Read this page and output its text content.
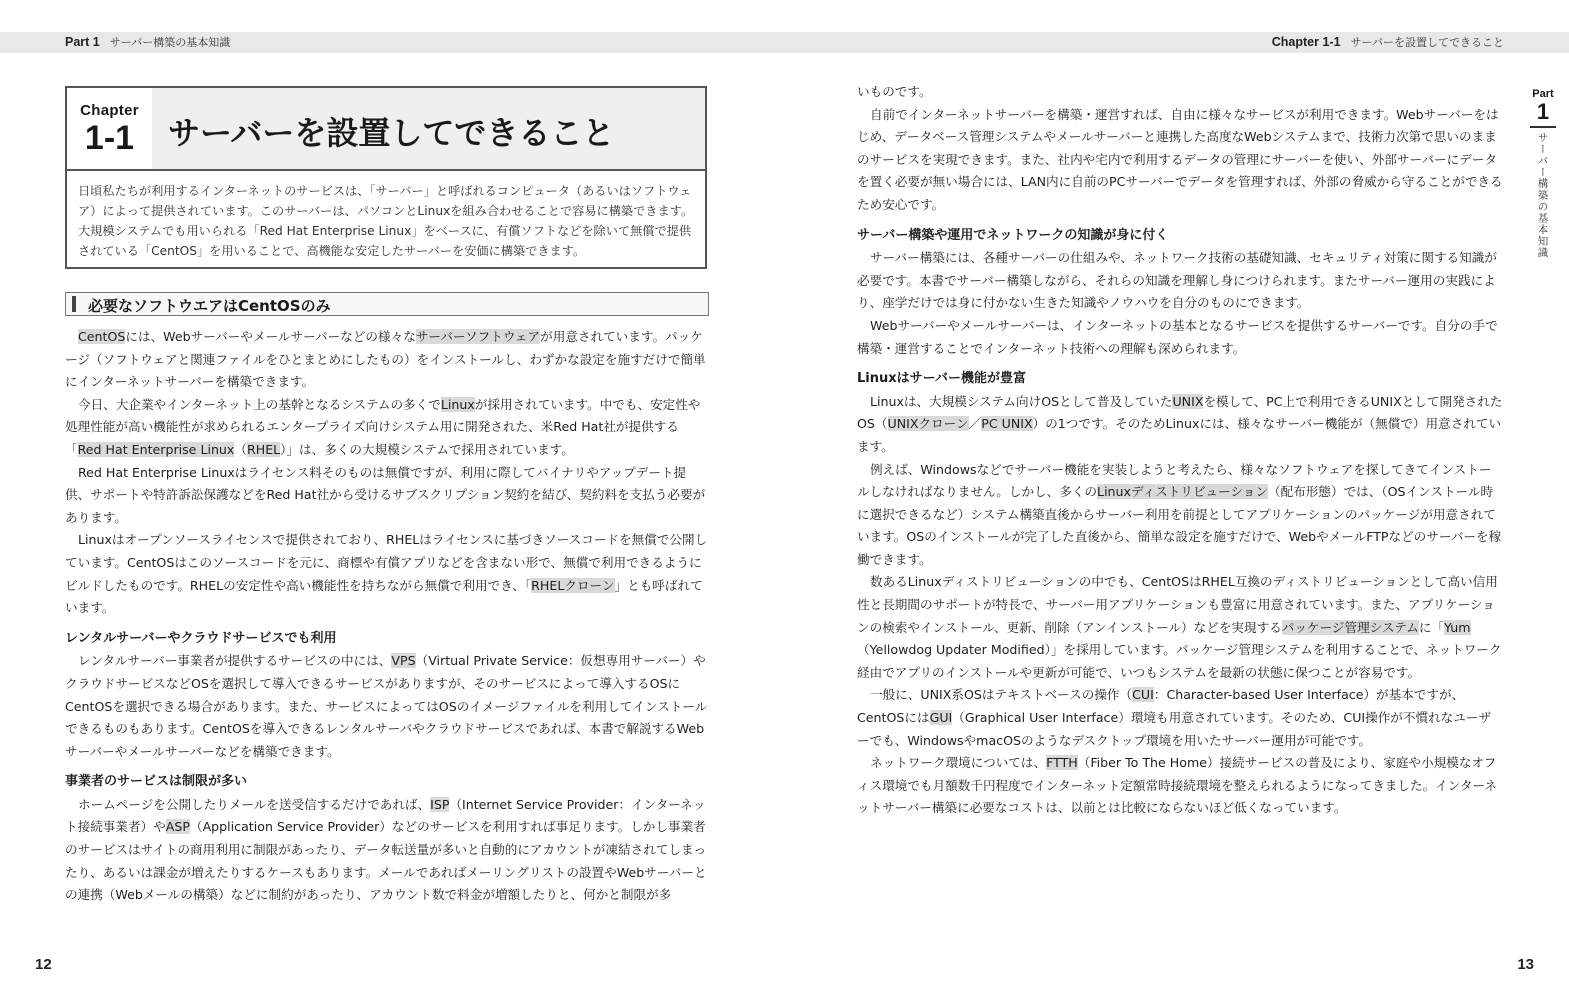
Part 1 サーバー構築の基本知識	Chapter 1-1 サーバーを設置してできること
Chapter
1-1	サーバーを設置してできること

日頃私たちが利用するインターネットのサービスは、「サーバー」と呼ばれるコンピュータ（あるいはソフトウェア）によって提供されています。このサーバーは、パソコンとLinuxを組み合わせることで容易に構築できます。大規模システムでも用いられる「Red Hat Enterprise Linux」をベースに、有償ソフトなどを除いて無償で提供されている「CentOS」を用いることで、高機能な安定したサーバーを安価に構築できます。

必要なソフトウエアはCentOSのみ

CentOSには、Webサーバーやメールサーバーなどの様々なサーバーソフトウェアが用意されています。パッケージ（ソフトウェアと関連ファイルをひとまとめにしたもの）をインストールし、わずかな設定を施すだけで簡単にインターネットサーバーを構築できます。

今日、大企業やインターネット上の基幹となるシステムの多くでLinuxが採用されています。中でも、安定性や処理性能が高い機能性が求められるエンタープライズ向けシステム用に開発された、米Red Hat社が提供する「Red Hat Enterprise Linux（RHEL）」は、多くの大規模システムで採用されています。

Red Hat Enterprise Linuxはライセンス料そのものは無償ですが、利用に際してバイナリやアップデート提供、サポートや特許訴訟保護などをRed Hat社から受けるサブスクリプション契約を結び、契約料を支払う必要があります。

Linuxはオープンソースライセンスで提供されており、RHELはライセンスに基づきソースコードを無償で公開しています。CentOSはこのソースコードを元に、商標や有償アプリなどを含まない形で、無償で利用できるようにビルドしたものです。RHELの安定性や高い機能性を持ちながら無償で利用でき、「RHELクローン」とも呼ばれています。

レンタルサーバーやクラウドサービスでも利用

レンタルサーバー事業者が提供するサービスの中には、VPS（Virtual Private Service：仮想専用サーバー）やクラウドサービスなどOSを選択して導入できるサービスがありますが、そのサービスによって導入するOSにCentOSを選択できる場合があります。また、サービスによってはOSのイメージファイルを利用してインストールできるものもあります。CentOSを導入できるレンタルサーバやクラウドサービスであれば、本書で解説するWebサーバーやメールサーバーなどを構築できます。

事業者のサービスは制限が多い

ホームページを公開したりメールを送受信するだけであれば、ISP（Internet Service Provider：インターネット接続事業者）やASP（Application Service Provider）などのサービスを利用すれば事足ります。しかし事業者のサービスはサイトの商用利用に制限があったり、データ転送量が多いと自動的にアカウントが凍結されてしまったり、あるいは課金が増えたりするケースもあります。メールであればメーリングリストの設置やWebサーバーとの連携（Webメールの構築）などに制約があったり、アカウント数で料金が増額したりと、何かと制限が多

いものです。

自前でインターネットサーバーを構築・運営すれば、自由に様々なサービスが利用できます。Webサーバーをはじめ、データベース管理システムやメールサーバーと連携した高度なWebシステムまで、技術力次第で思いのままのサービスを実現できます。また、社内や宅内で利用するデータの管理にサーバーを使い、外部サーバーにデータを置く必要が無い場合には、LAN内に自前のPCサーバーでデータを管理すれば、外部の脅威から守ることができるため安心です。

サーバー構築や運用でネットワークの知識が身に付く

サーバー構築には、各種サーバーの仕組みや、ネットワーク技術の基礎知識、セキュリティ対策に関する知識が必要です。本書でサーバー構築しながら、それらの知識を理解し身につけられます。またサーバー運用の実践により、座学だけでは身に付かない生きた知識やノウハウを自分のものにできます。

Webサーバーやメールサーバーは、インターネットの基本となるサービスを提供するサーバーです。自分の手で構築・運営することでインターネット技術への理解も深められます。

Linuxはサーバー機能が豊富

Linuxは、大規模システム向けOSとして普及していたUNIXを模して、PC上で利用できるUNIXとして開発されたOS（UNIXクローン／PC UNIX）の1つです。そのためLinuxには、様々なサーバー機能が（無償で）用意されています。

例えば、Windowsなどでサーバー機能を実装しようと考えたら、様々なソフトウェアを探してきてインストールしなければなりません。しかし、多くのLinuxディストリビューション（配布形態）では、（OSインストール時に選択できるなど）システム構築直後からサーバー利用を前提としてアプリケーションのパッケージが用意されています。OSのインストールが完了した直後から、簡単な設定を施すだけで、WebやメールFTPなどのサーバーを稼働できます。

数あるLinuxディストリビューションの中でも、CentOSはRHEL互換のディストリビューションとして高い信用性と長期間のサポートが特長で、サーバー用アプリケーションも豊富に用意されています。また、アプリケーションの検索やインストール、更新、削除（アンインストール）などを実現するパッケージ管理システムに「Yum（Yellowdog Updater Modified）」を採用しています。パッケージ管理システムを利用することで、ネットワーク経由でアプリのインストールや更新が可能で、いつもシステムを最新の状態に保つことが容易です。

一般に、UNIX系OSはテキストベースの操作（CUI：Character-based User Interface）が基本ですが、CentOSにはGUI（Graphical User Interface）環境も用意されています。そのため、CUI操作が不慣れなユーザーでも、WindowsやmacOSのようなデスクトップ環境を用いたサーバー運用が可能です。

ネットワーク環境については、FTTH（Fiber To The Home）接続サービスの普及により、家庭や小規模なオフィス環境でも月額数千円程度でインターネット定額常時接続環境を整えられるようになってきました。インターネットサーバー構築に必要なコストは、以前とは比較にならないほど低くなっています。

Part
1
サーバー構築の基本知識
12	13
